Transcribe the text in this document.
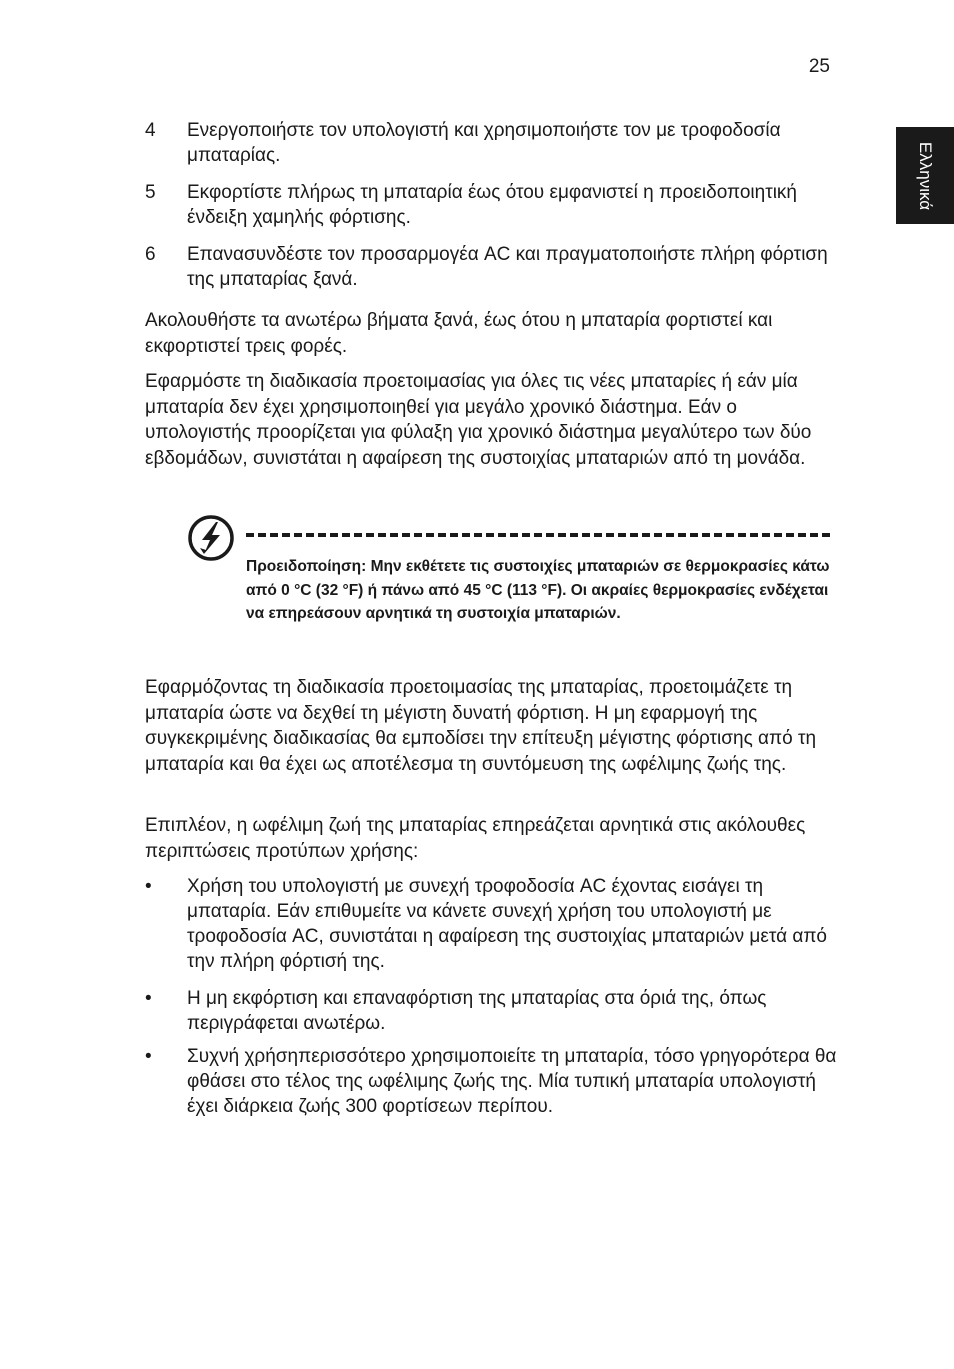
25
Ελληνικά
4	Ενεργοποιήστε τον υπολογιστή και χρησιμοποιήστε τον με τροφοδοσία μπαταρίας.
5	Εκφορτίστε πλήρως τη μπαταρία έως ότου εμφανιστεί η προειδοποιητική ένδειξη χαμηλής φόρτισης.
6	Επανασυνδέστε τον προσαρμογέα AC και πραγματοποιήστε πλήρη φόρτιση της μπαταρίας ξανά.

Ακολουθήστε τα ανωτέρω βήματα ξανά, έως ότου η μπαταρία φορτιστεί και εκφορτιστεί τρεις φορές.

Εφαρμόστε τη διαδικασία προετοιμασίας για όλες τις νέες μπαταρίες ή εάν μία μπαταρία δεν έχει χρησιμοποιηθεί για μεγάλο χρονικό διάστημα. Εάν ο υπολογιστής προορίζεται για φύλαξη για χρονικό διάστημα μεγαλύτερο των δύο εβδομάδων, συνιστάται η αφαίρεση της συστοιχίας μπαταριών από τη μονάδα.

Προειδοποίηση: Μην εκθέτετε τις συστοιχίες μπαταριών σε θερμοκρασίες κάτω από 0 °C (32 °F) ή πάνω από 45 °C (113 °F). Οι ακραίες θερμοκρασίες ενδέχεται να επηρεάσουν αρνητικά τη συστοιχία μπαταριών.

Εφαρμόζοντας τη διαδικασία προετοιμασίας της μπαταρίας, προετοιμάζετε τη μπαταρία ώστε να δεχθεί τη μέγιστη δυνατή φόρτιση. Η μη εφαρμογή της συγκεκριμένης διαδικασίας θα εμποδίσει την επίτευξη μέγιστης φόρτισης από τη μπαταρία και θα έχει ως αποτέλεσμα τη συντόμευση της ωφέλιμης ζωής της.

Επιπλέον, η ωφέλιμη ζωή της μπαταρίας επηρεάζεται αρνητικά στις ακόλουθες περιπτώσεις προτύπων χρήσης:

•	Χρήση του υπολογιστή με συνεχή τροφοδοσία AC έχοντας εισάγει τη μπαταρία. Εάν επιθυμείτε να κάνετε συνεχή χρήση του υπολογιστή με τροφοδοσία AC, συνιστάται η αφαίρεση της συστοιχίας μπαταριών μετά από την πλήρη φόρτισή της.
•	Η μη εκφόρτιση και επαναφόρτιση της μπαταρίας στα όριά της, όπως περιγράφεται ανωτέρω.
•	Συχνή χρήσηπερισσότερο χρησιμοποιείτε τη μπαταρία, τόσο γρηγορότερα θα φθάσει στο τέλος της ωφέλιμης ζωής της. Μία τυπική μπαταρία υπολογιστή έχει διάρκεια ζωής 300 φορτίσεων περίπου.
